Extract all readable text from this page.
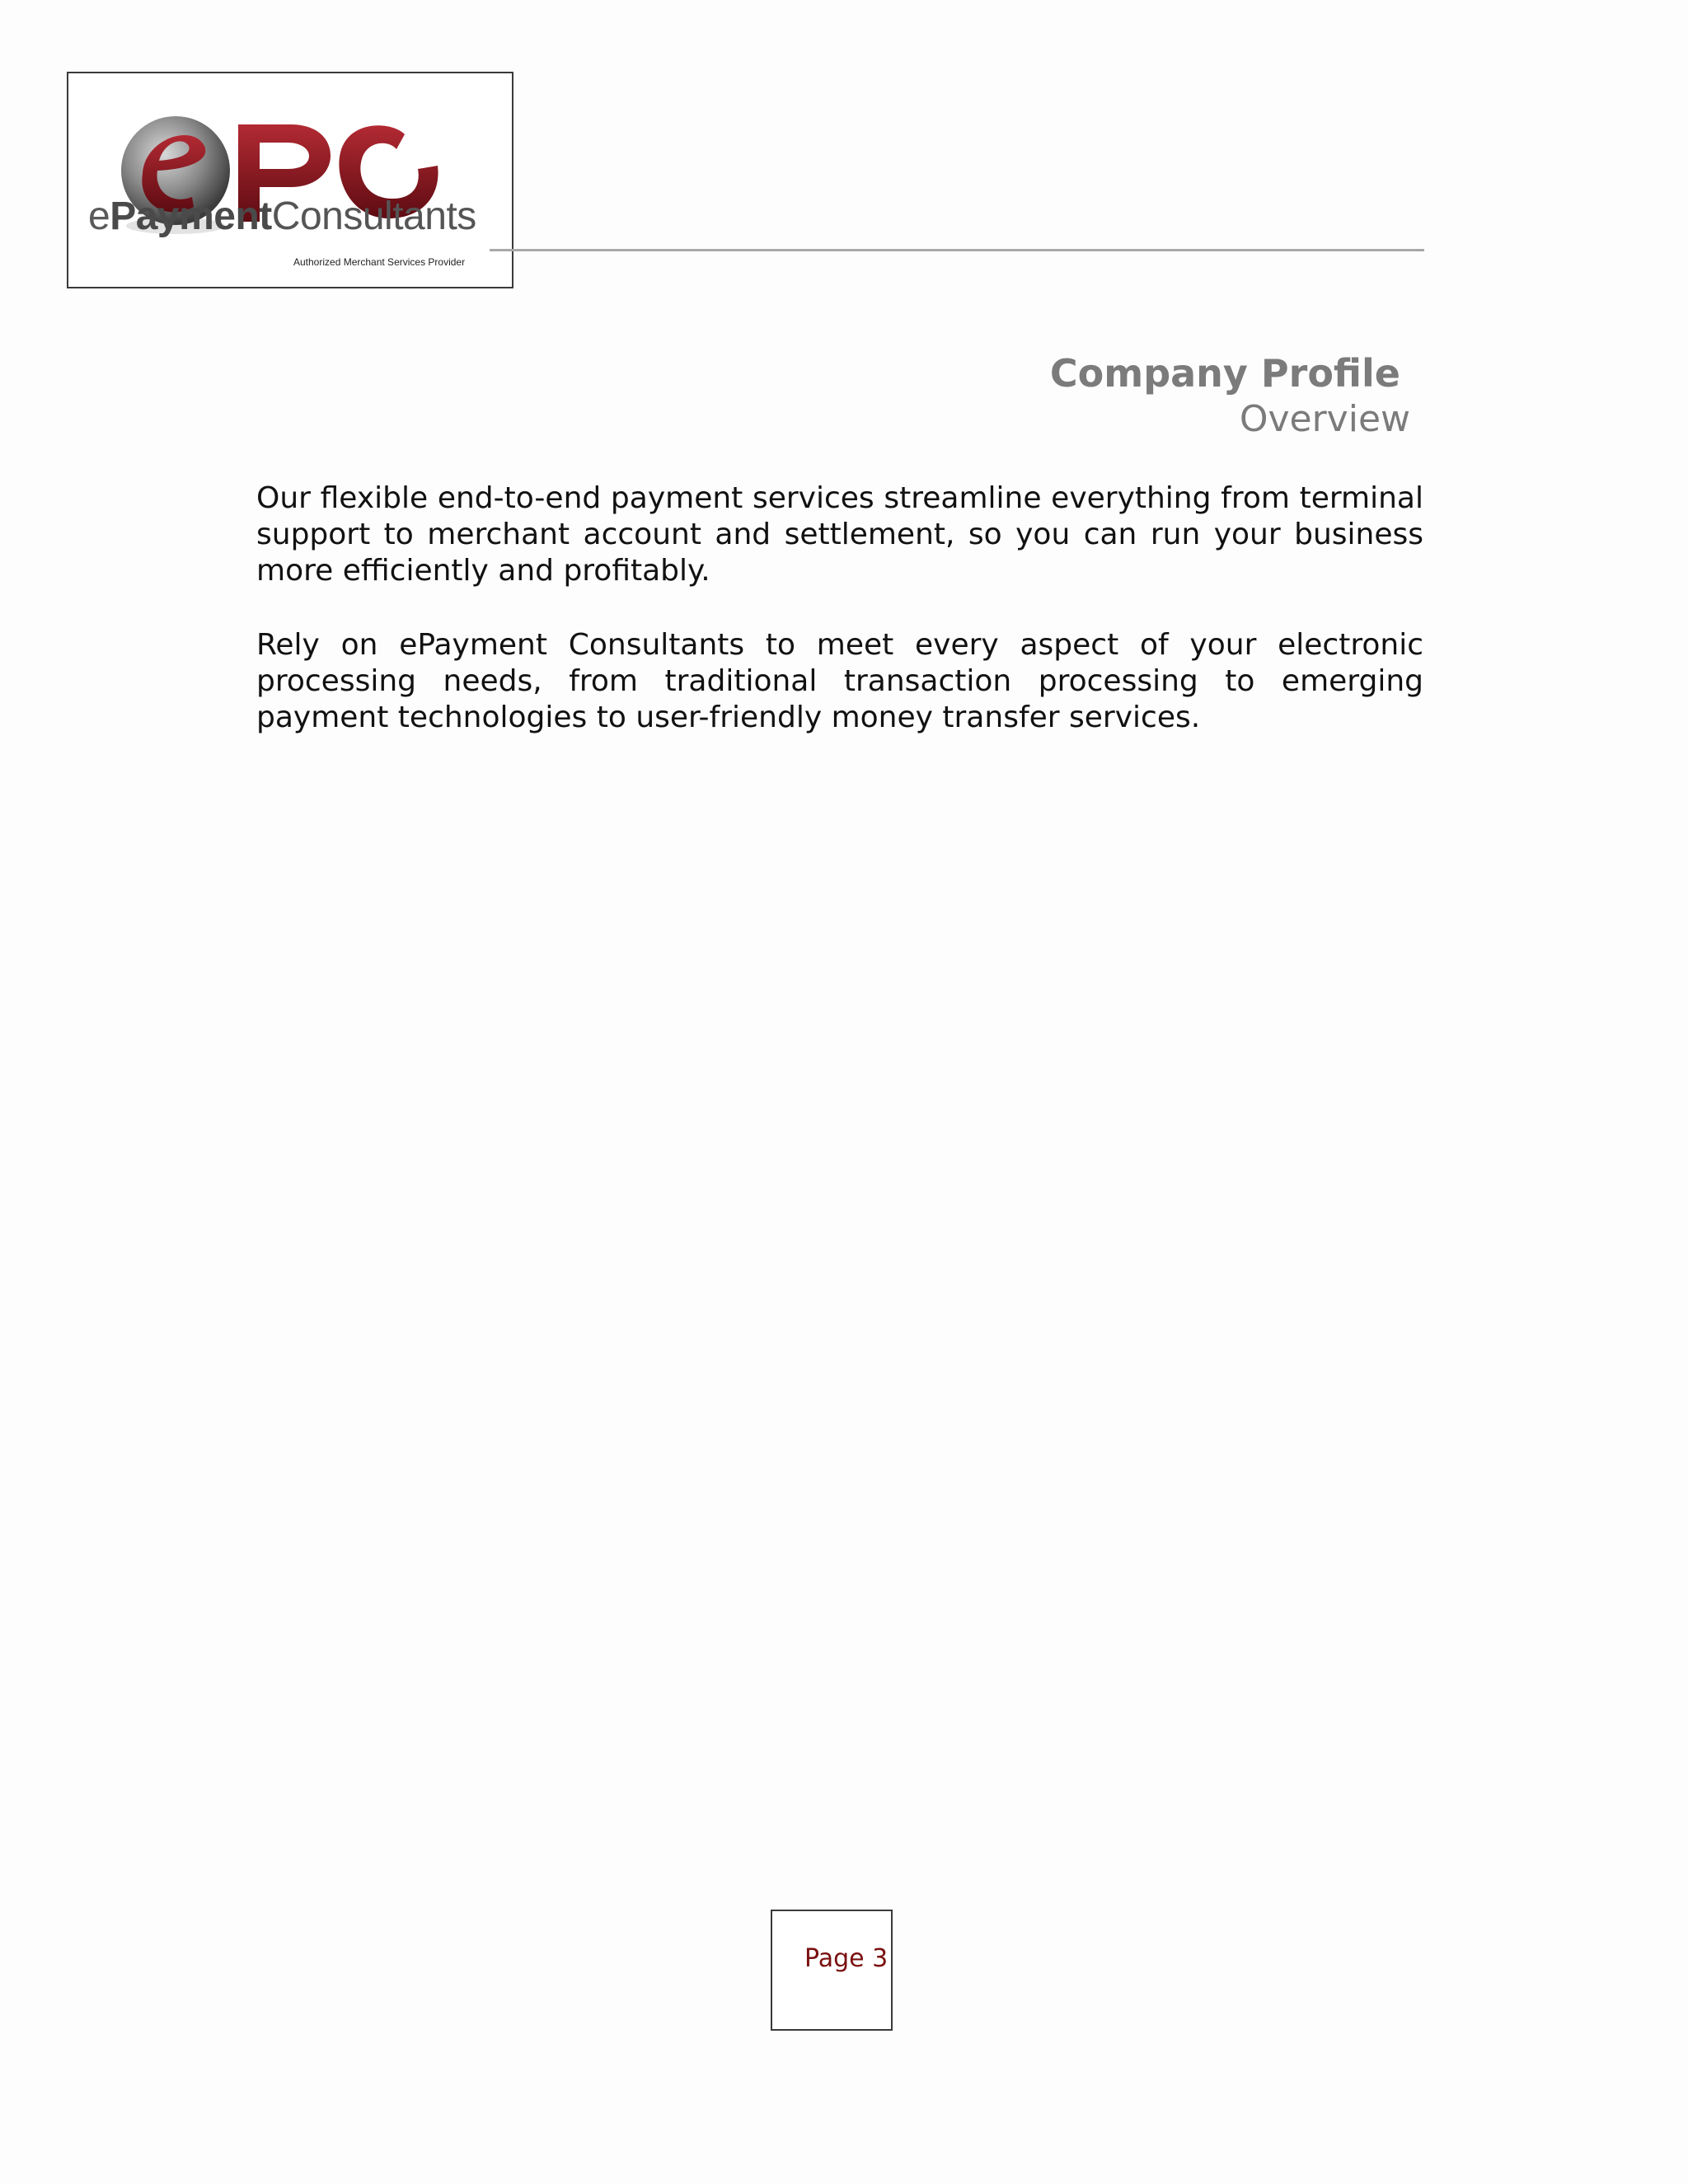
ePaymentConsultants
Authorized Merchant Services Provider
Company Profile
Overview

Our flexible end-to-end payment services streamline everything from terminal support to merchant account and settlement, so you can run your business more efficiently and profitably.

Rely on ePayment Consultants to meet every aspect of your electronic processing needs, from traditional transaction processing to emerging payment technologies to user-friendly money transfer services.

Page 3
